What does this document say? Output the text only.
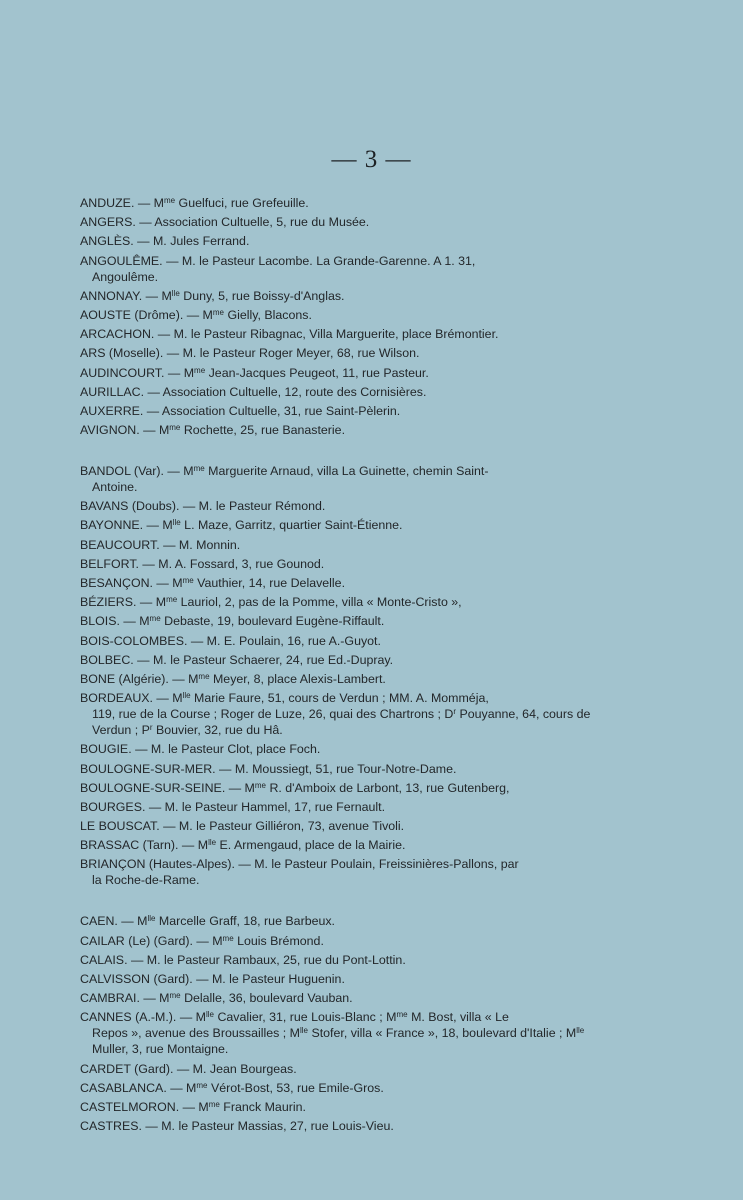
— 3 —
ANDUZE. — $M^{me}$ Guelfuci, rue Grefeuille.
ANGERS. — Association Cultuelle, 5, rue du Musée.
ANGLÈS. — M. Jules Ferrand.
ANGOULÊME. — M. le Pasteur Lacombe. La Grande-Garenne. A 1. 31,
Angoulême.
ANNONAY. — $M^{lle}$ Duny, 5, rue Boissy-d'Anglas.
AOUSTE (Drôme). — $M^{me}$ Gielly, Blacons.
ARCACHON. — M. le Pasteur Ribagnac, Villa Marguerite, place Brémontier.
ARS (Moselle). — M. le Pasteur Roger Meyer, 68, rue Wilson.
AUDINCOURT. — $M^{me}$ Jean-Jacques Peugeot, 11, rue Pasteur.
AURILLAC. — Association Cultuelle, 12, route des Cornisières.
AUXERRE. — Association Cultuelle, 31, rue Saint-Pèlerin.
AVIGNON. — $M^{me}$ Rochette, 25, rue Banasterie.
BANDOL (Var). — $M^{me}$ Marguerite Arnaud, villa La Guinette, chemin Saint-
Antoine.
BAVANS (Doubs). — M. le Pasteur Rémond.
BAYONNE. — $M^{lle}$ L. Maze, Garritz, quartier Saint-Étienne.
BEAUCOURT. — M. Monnin.
BELFORT. — M. A. Fossard, 3, rue Gounod.
BESANÇON. — $M^{me}$ Vauthier, 14, rue Delavelle.
BÉZIERS. — $M^{me}$ Lauriol, 2, pas de la Pomme, villa « Monte-Cristo »,
BLOIS. — $M^{me}$ Debaste, 19, boulevard Eugène-Riffault.
BOIS-COLOMBES. — M. E. Poulain, 16, rue A.-Guyot.
BOLBEC. — M. le Pasteur Schaerer, 24, rue Ed.-Dupray.
BONE (Algérie). — $M^{me}$ Meyer, 8, place Alexis-Lambert.
BORDEAUX. — $M^{lle}$ Marie Faure, 51, cours de Verdun ; MM. A. Momméja,
119, rue de la Course ; Roger de Luze, 26, quai des Chartrons ; $D^r$ Pouyanne, 64, cours de Verdun ; $P^r$ Bouvier, 32, rue du Hâ.
BOUGIE. — M. le Pasteur Clot, place Foch.
BOULOGNE-SUR-MER. — M. Moussiegt, 51, rue Tour-Notre-Dame.
BOULOGNE-SUR-SEINE. — $M^{me}$ R. d'Amboix de Larbont, 13, rue Gutenberg,
BOURGES. — M. le Pasteur Hammel, 17, rue Fernault.
LE BOUSCAT. — M. le Pasteur Gilliéron, 73, avenue Tivoli.
BRASSAC (Tarn). — $M^{lle}$ E. Armengaud, place de la Mairie.
BRIANÇON (Hautes-Alpes). — M. le Pasteur Poulain, Freissinières-Pallons, par
la Roche-de-Rame.
CAEN. — $M^{lle}$ Marcelle Graff, 18, rue Barbeux.
CAILAR (Le) (Gard). — $M^{me}$ Louis Brémond.
CALAIS. — M. le Pasteur Rambaux, 25, rue du Pont-Lottin.
CALVISSON (Gard). — M. le Pasteur Huguenin.
CAMBRAI. — $M^{me}$ Delalle, 36, boulevard Vauban.
CANNES (A.-M.). — $M^{lle}$ Cavalier, 31, rue Louis-Blanc ; $M^{me}$ M. Bost, villa « Le
Repos », avenue des Broussailles ; $M^{lle}$ Stofer, villa « France », 18, boulevard d'Italie ; $M^{lle}$ Muller, 3, rue Montaigne.
CARDET (Gard). — M. Jean Bourgeas.
CASABLANCA. — $M^{me}$ Vérot-Bost, 53, rue Emile-Gros.
CASTELMORON. — $M^{me}$ Franck Maurin.
CASTRES. — M. le Pasteur Massias, 27, rue Louis-Vieu.
